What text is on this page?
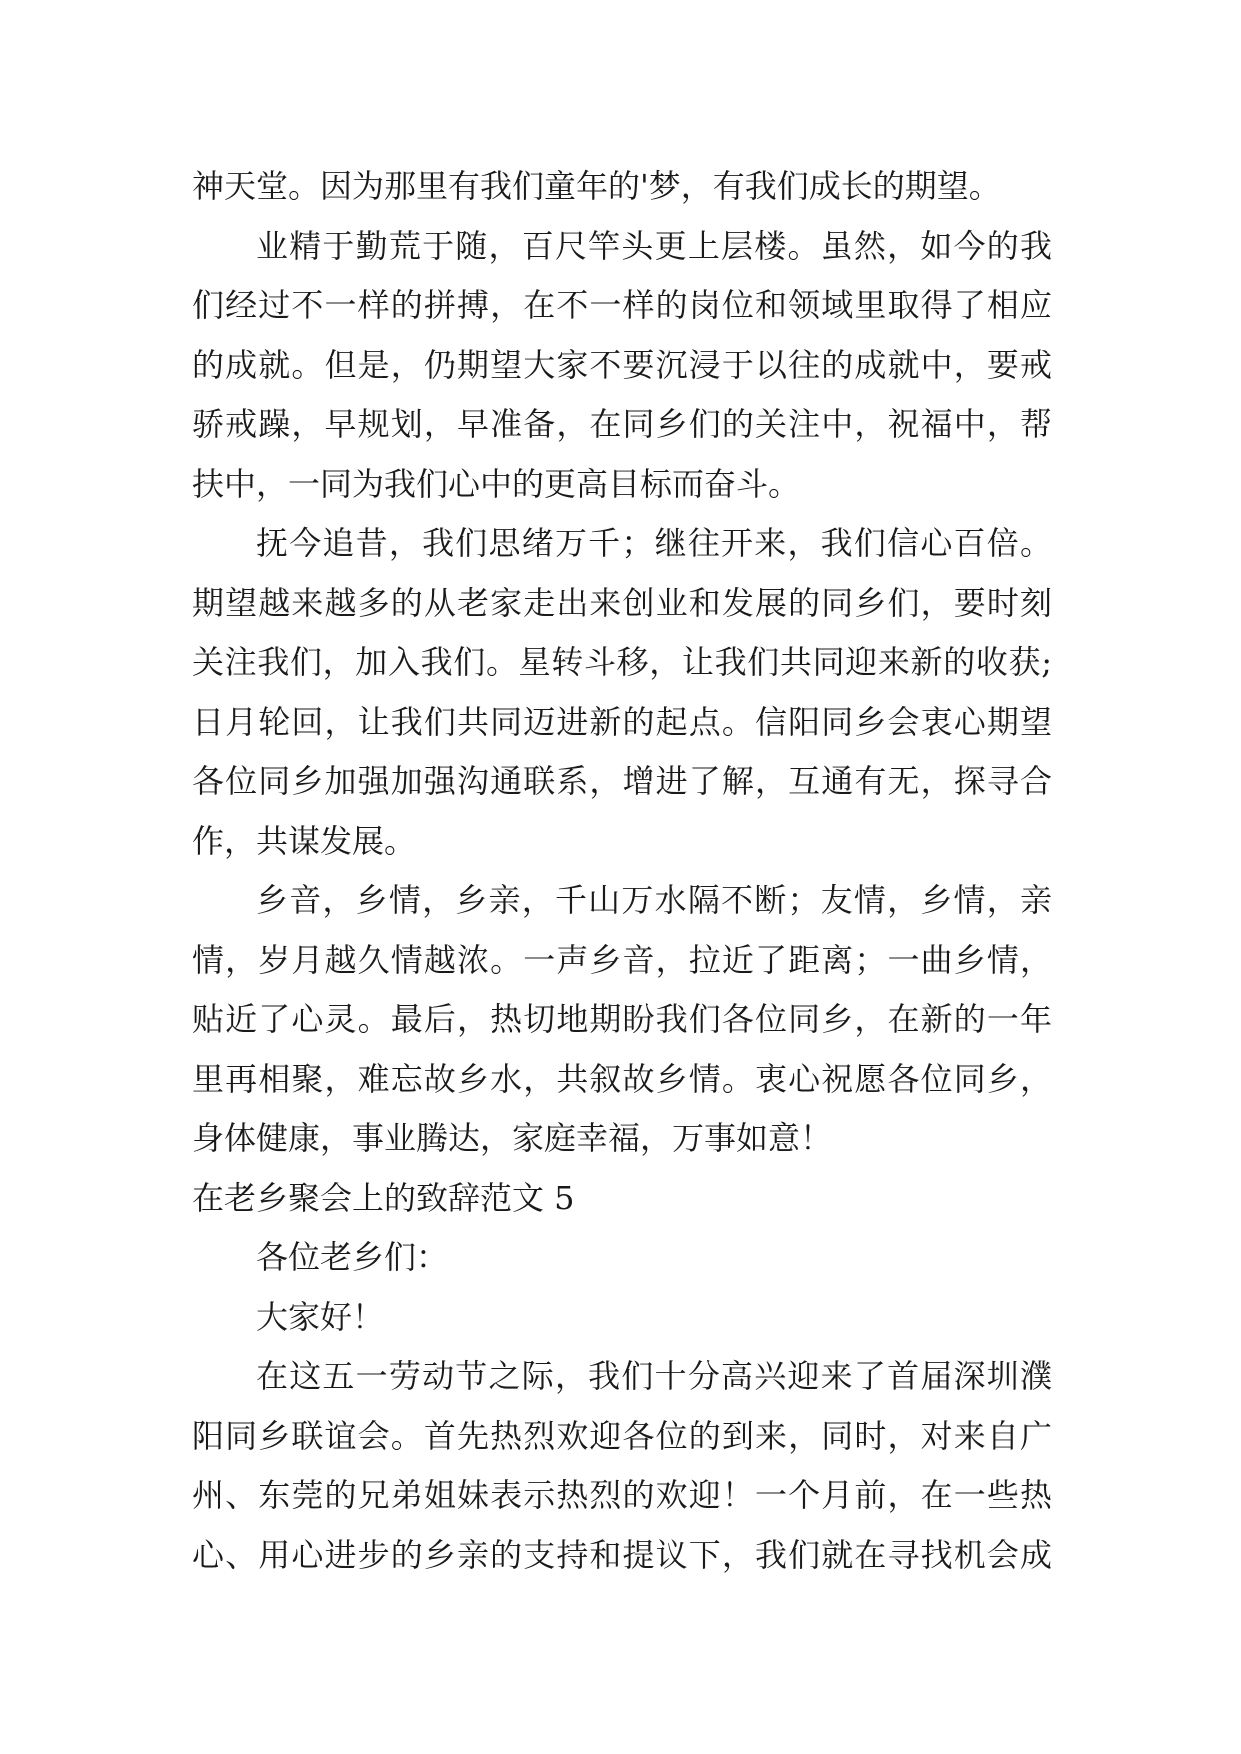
神天堂。因为那里有我们童年的'梦，有我们成长的期望。
业精于勤荒于随，百尺竿头更上层楼。虽然，如今的我
们经过不一样的拼搏，在不一样的岗位和领域里取得了相应
的成就。但是，仍期望大家不要沉浸于以往的成就中，要戒
骄戒躁，早规划，早准备，在同乡们的关注中，祝福中，帮
扶中，一同为我们心中的更高目标而奋斗。
抚今追昔，我们思绪万千；继往开来，我们信心百倍。
期望越来越多的从老家走出来创业和发展的同乡们，要时刻
关注我们，加入我们。星转斗移，让我们共同迎来新的收获;
日月轮回，让我们共同迈进新的起点。信阳同乡会衷心期望
各位同乡加强加强沟通联系，增进了解，互通有无，探寻合
作，共谋发展。
乡音，乡情，乡亲，千山万水隔不断；友情，乡情，亲
情，岁月越久情越浓。一声乡音，拉近了距离；一曲乡情，
贴近了心灵。最后，热切地期盼我们各位同乡，在新的一年
里再相聚，难忘故乡水，共叙故乡情。衷心祝愿各位同乡，
身体健康，事业腾达，家庭幸福，万事如意！
在老乡聚会上的致辞范文 5
各位老乡们：
大家好！
在这五一劳动节之际，我们十分高兴迎来了首届深圳濮
阳同乡联谊会。首先热烈欢迎各位的到来，同时，对来自广
州、东莞的兄弟姐妹表示热烈的欢迎！一个月前，在一些热
心、用心进步的乡亲的支持和提议下，我们就在寻找机会成
